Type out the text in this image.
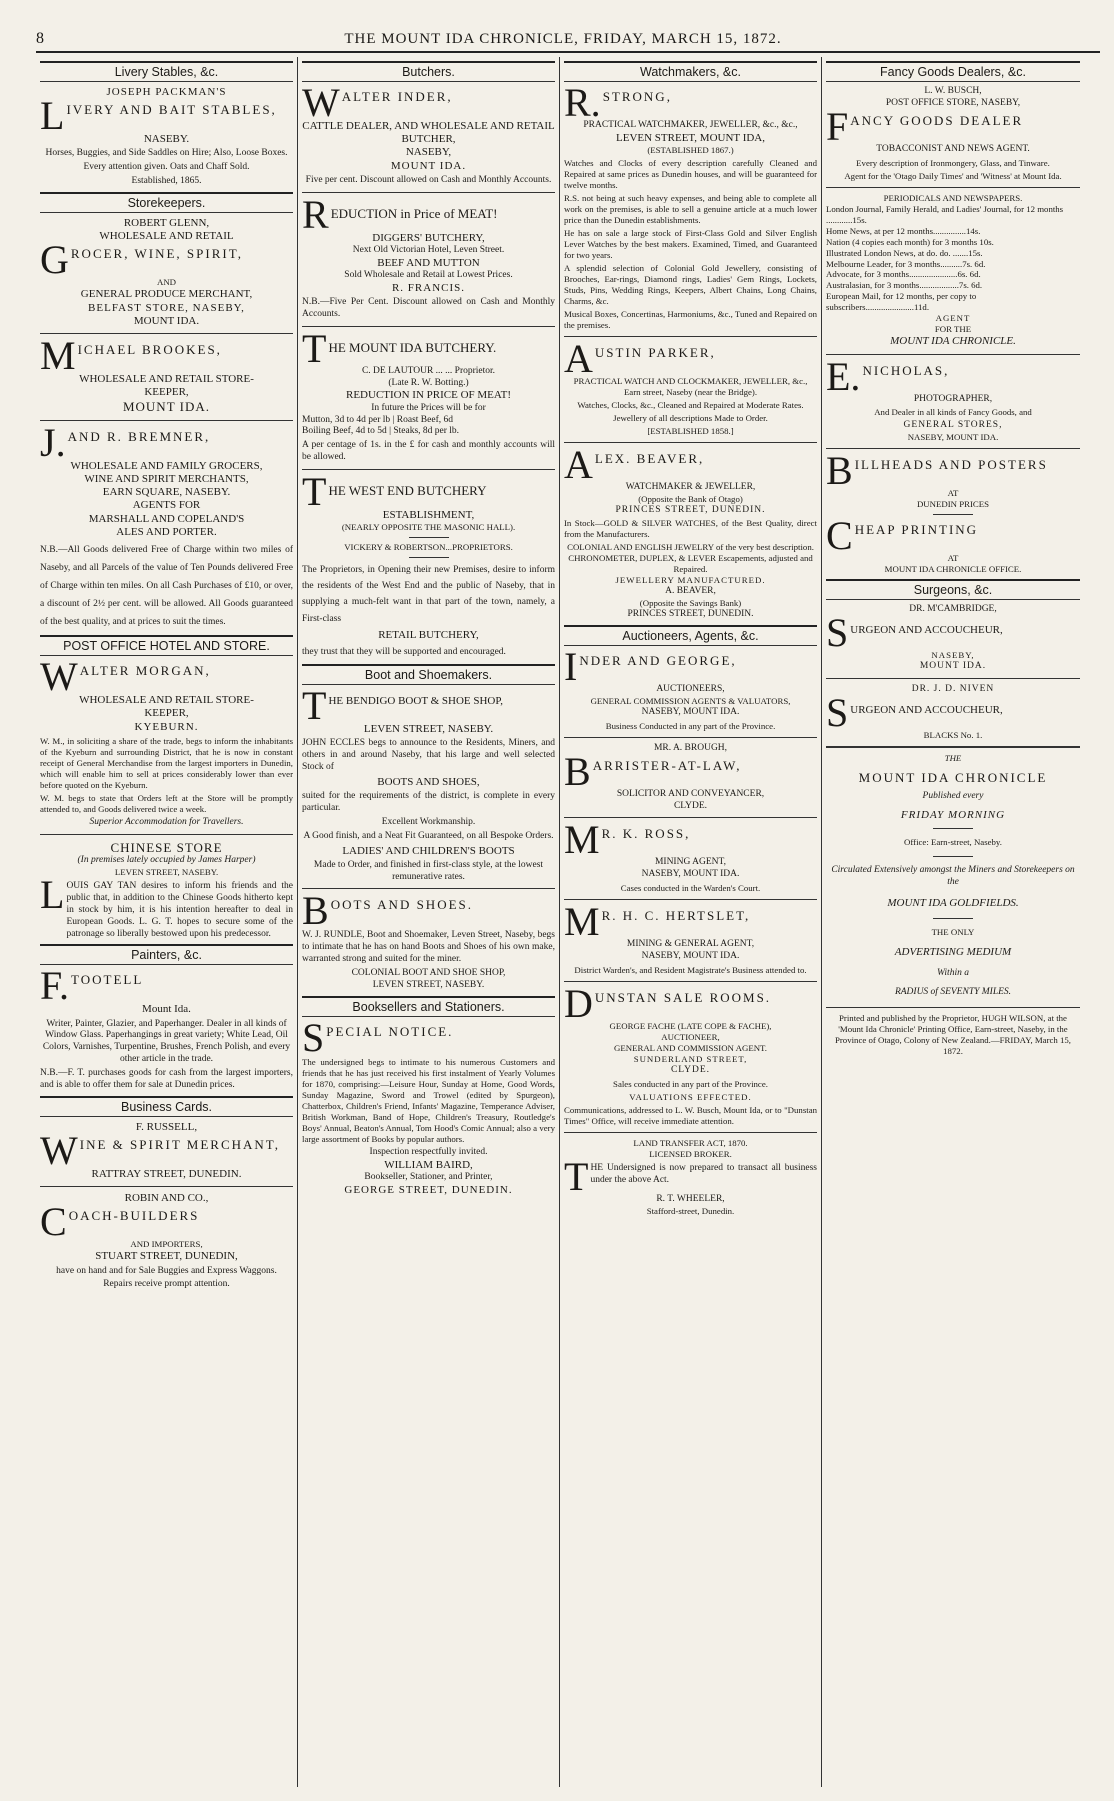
8	THE MOUNT IDA CHRONICLE, FRIDAY, MARCH 15, 1872.
Livery Stables, &c.
JOSEPH PACKMAN'S
L IVERY AND BAIT STABLES,
NASEBY.

Horses, Buggies, and Side Saddles on Hire; Also, Loose Boxes.

Every attention given. Oats and Chaff Sold.

Established, 1865.

Storekeepers.
ROBERT GLENN,
WHOLESALE AND RETAIL
G ROCER, WINE, SPIRIT,
AND
GENERAL PRODUCE MERCHANT,
BELFAST STORE, NASEBY,
MOUNT IDA.
M ICHAEL BROOKES,
WHOLESALE AND RETAIL STORE-
KEEPER,
MOUNT IDA.
J. AND R. BREMNER,
WHOLESALE AND FAMILY GROCERS,
WINE AND SPIRIT MERCHANTS,
EARN SQUARE, NASEBY.
AGENTS FOR
MARSHALL AND COPELAND'S
ALES AND PORTER.

N.B.—All Goods delivered Free of Charge within two miles of Naseby, and all Parcels of the value of Ten Pounds delivered Free of Charge within ten miles. On all Cash Purchases of £10, or over, a discount of 2½ per cent. will be allowed. All Goods guaranteed of the best quality, and at prices to suit the times.

POST OFFICE HOTEL AND STORE.
W ALTER MORGAN,
WHOLESALE AND RETAIL STORE-
KEEPER,
KYEBURN.

W. M., in soliciting a share of the trade, begs to inform the inhabitants of the Kyeburn and surrounding District, that he is now in constant receipt of General Merchandise from the largest importers in Dunedin, which will enable him to sell at prices considerably lower than ever before quoted on the Kyeburn.

W. M. begs to state that Orders left at the Store will be promptly attended to, and Goods delivered twice a week.

Superior Accommodation for Travellers.

CHINESE STORE
(In premises lately occupied by James Harper)
LEVEN STREET, NASEBY.
L OUIS GAY TAN desires to inform his friends and the public that, in addition to the Chinese Goods hitherto kept in stock by him, it is his intention hereafter to deal in European Goods. L. G. T. hopes to secure some of the patronage so liberally bestowed upon his predecessor.
Painters, &c.
F. TOOTELL
Mount Ida.

Writer, Painter, Glazier, and Paperhanger. Dealer in all kinds of Window Glass. Paperhangings in great variety; White Lead, Oil Colors, Varnishes, Turpentine, Brushes, French Polish, and every other article in the trade.

N.B.—F. T. purchases goods for cash from the largest importers, and is able to offer them for sale at Dunedin prices.

Business Cards.
F. RUSSELL,
W INE & SPIRIT MERCHANT,
RATTRAY STREET, DUNEDIN.
ROBIN AND CO.,
C OACH-BUILDERS
AND IMPORTERS,
STUART STREET, DUNEDIN,

have on hand and for Sale Buggies and Express Waggons.

Repairs receive prompt attention.

Butchers.
W ALTER INDER,
CATTLE DEALER, AND WHOLESALE AND RETAIL BUTCHER,
NASEBY,
MOUNT IDA.

Five per cent. Discount allowed on Cash and Monthly Accounts.

R EDUCTION in Price of MEAT!
DIGGERS' BUTCHERY,
Next Old Victorian Hotel, Leven Street.
BEEF AND MUTTON
Sold Wholesale and Retail at Lowest Prices.
R. FRANCIS.

N.B.—Five Per Cent. Discount allowed on Cash and Monthly Accounts.

T HE MOUNT IDA BUTCHERY.
C. DE LAUTOUR ... ... Proprietor.
(Late R. W. Botting.)
REDUCTION IN PRICE OF MEAT!
In future the Prices will be for
Mutton, 3d to 4d per lb | Roast Beef, 6d
Boiling Beef, 4d to 5d | Steaks, 8d per lb.

A per centage of 1s. in the £ for cash and monthly accounts will be allowed.

T HE WEST END BUTCHERY
ESTABLISHMENT,
(NEARLY OPPOSITE THE MASONIC HALL).
VICKERY & ROBERTSON...PROPRIETORS.

The Proprietors, in Opening their new Premises, desire to inform the residents of the West End and the public of Naseby, that in supplying a much-felt want in that part of the town, namely, a First-class

RETAIL BUTCHERY,

they trust that they will be supported and encouraged.

Boot and Shoemakers.
T HE BENDIGO BOOT & SHOE SHOP,
LEVEN STREET, NASEBY.

JOHN ECCLES begs to announce to the Residents, Miners, and others in and around Naseby, that his large and well selected Stock of

BOOTS AND SHOES,

suited for the requirements of the district, is complete in every particular.

Excellent Workmanship.

A Good finish, and a Neat Fit Guaranteed, on all Bespoke Orders.

LADIES' AND CHILDREN'S BOOTS

Made to Order, and finished in first-class style, at the lowest remunerative rates.

B OOTS AND SHOES.

W. J. RUNDLE, Boot and Shoemaker, Leven Street, Naseby, begs to intimate that he has on hand Boots and Shoes of his own make, warranted strong and suited for the miner.

COLONIAL BOOT AND SHOE SHOP,
LEVEN STREET, NASEBY.
Booksellers and Stationers.
S PECIAL NOTICE.

The undersigned begs to intimate to his numerous Customers and friends that he has just received his first instalment of Yearly Volumes for 1870, comprising:—Leisure Hour, Sunday at Home, Good Words, Sunday Magazine, Sword and Trowel (edited by Spurgeon), Chatterbox, Children's Friend, Infants' Magazine, Temperance Adviser, British Workman, Band of Hope, Children's Treasury, Routledge's Boys' Annual, Beaton's Annual, Tom Hood's Comic Annual; also a very large assortment of Books by popular authors.

Inspection respectfully invited.
WILLIAM BAIRD,
Bookseller, Stationer, and Printer,
GEORGE STREET, DUNEDIN.
Watchmakers, &c.
R. STRONG,
PRACTICAL WATCHMAKER, JEWELLER, &c., &c.,
LEVEN STREET, MOUNT IDA,
(ESTABLISHED 1867.)

Watches and Clocks of every description carefully Cleaned and Repaired at same prices as Dunedin houses, and will be guaranteed for twelve months.

R.S. not being at such heavy expenses, and being able to complete all work on the premises, is able to sell a genuine article at a much lower price than the Dunedin establishments.

He has on sale a large stock of First-Class Gold and Silver English Lever Watches by the best makers. Examined, Timed, and Guaranteed for two years.

A splendid selection of Colonial Gold Jewellery, consisting of Brooches, Ear-rings, Diamond rings, Ladies' Gem Rings, Lockets, Studs, Pins, Wedding Rings, Keepers, Albert Chains, Long Chains, Charms, &c.

Musical Boxes, Concertinas, Harmoniums, &c., Tuned and Repaired on the premises.

A USTIN PARKER,
PRACTICAL WATCH AND CLOCKMAKER, JEWELLER, &c.,
Earn street, Naseby (near the Bridge).

Watches, Clocks, &c., Cleaned and Repaired at Moderate Rates.

Jewellery of all descriptions Made to Order.

[ESTABLISHED 1858.]
A LEX. BEAVER,
WATCHMAKER & JEWELLER,
(Opposite the Bank of Otago)
PRINCES STREET, DUNEDIN.

In Stock—GOLD & SILVER WATCHES, of the Best Quality, direct from the Manufacturers.

COLONIAL AND ENGLISH JEWELRY of the very best description.
CHRONOMETER, DUPLEX, & LEVER Escapements, adjusted and Repaired.
JEWELLERY MANUFACTURED.
A. BEAVER,
(Opposite the Savings Bank)
PRINCES STREET, DUNEDIN.
Auctioneers, Agents, &c.
I NDER AND GEORGE,
AUCTIONEERS,
GENERAL COMMISSION AGENTS & VALUATORS,
NASEBY, MOUNT IDA.

Business Conducted in any part of the Province.

MR. A. BROUGH,
B ARRISTER-AT-LAW,
SOLICITOR AND CONVEYANCER,
CLYDE.
M R. K. ROSS,
MINING AGENT,
NASEBY, MOUNT IDA.

Cases conducted in the Warden's Court.

M R. H. C. HERTSLET,
MINING & GENERAL AGENT,
NASEBY, MOUNT IDA.

District Warden's, and Resident Magistrate's Business attended to.

D UNSTAN SALE ROOMS.
GEORGE FACHE (LATE COPE & FACHE),
AUCTIONEER,
GENERAL AND COMMISSION AGENT.
SUNDERLAND STREET,
CLYDE.

Sales conducted in any part of the Province.

VALUATIONS EFFECTED.

Communications, addressed to L. W. Busch, Mount Ida, or to "Dunstan Times" Office, will receive immediate attention.

LAND TRANSFER ACT, 1870.
LICENSED BROKER.
T HE Undersigned is now prepared to transact all business under the above Act.
R. T. WHEELER,
Stafford-street, Dunedin.
Fancy Goods Dealers, &c.
L. W. BUSCH,
POST OFFICE STORE, NASEBY,
F ANCY GOODS DEALER
TOBACCONIST AND NEWS AGENT.

Every description of Ironmongery, Glass, and Tinware.

Agent for the 'Otago Daily Times' and 'Witness' at Mount Ida.

PERIODICALS AND NEWSPAPERS.
London Journal, Family Herald, and Ladies' Journal, for 12 months ............15s.
Home News, at per 12 months...............14s.
Nation (4 copies each month) for 3 months 10s.
Illustrated London News, at do. do. .......15s.
Melbourne Leader, for 3 months..........7s. 6d.
Advocate, for 3 months......................6s. 6d.
Australasian, for 3 months..................7s. 6d.
European Mail, for 12 months, per copy to subscribers......................11d.
AGENT
FOR THE
MOUNT IDA CHRONICLE.
E. NICHOLAS,
PHOTOGRAPHER,

And Dealer in all kinds of Fancy Goods, and

GENERAL STORES,
NASEBY, MOUNT IDA.
B ILLHEADS AND POSTERS
AT
DUNEDIN PRICES
C HEAP PRINTING
AT
MOUNT IDA CHRONICLE OFFICE.
Surgeons, &c.
DR. M'CAMBRIDGE,
S URGEON AND ACCOUCHEUR,
NASEBY,
MOUNT IDA.
DR. J. D. NIVEN
S URGEON AND ACCOUCHEUR,
BLACKS No. 1.
THE
MOUNT IDA CHRONICLE
Published every
FRIDAY MORNING
Office: Earn-street, Naseby.
Circulated Extensively amongst the Miners and Storekeepers on the
MOUNT IDA GOLDFIELDS.
THE ONLY
ADVERTISING MEDIUM
Within a
RADIUS of SEVENTY MILES.

Printed and published by the Proprietor, HUGH WILSON, at the 'Mount Ida Chronicle' Printing Office, Earn-street, Naseby, in the Province of Otago, Colony of New Zealand.—FRIDAY, March 15, 1872.
